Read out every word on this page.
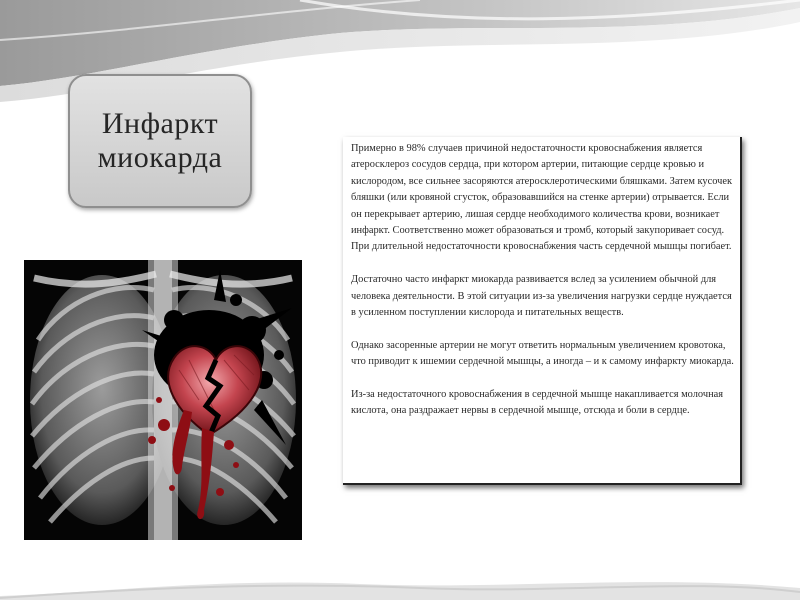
Инфаркт
миокарда	Примерно в 98% случаев причиной недостаточности кровоснабжения является атеросклероз сосудов сердца, при котором артерии, питающие сердце кровью и кислородом, все сильнее засоряются атеросклеротическими бляшками. Затем кусочек бляшки (или кровяной сгусток, образовавшийся на стенке артерии) отрывается. Если он перекрывает артерию, лишая сердце необходимого количества крови, возникает инфаркт. Соответственно может образоваться и тромб, который закупоривает сосуд. При длительной недостаточности кровоснабжения часть сердечной мышцы погибает.

Достаточно часто инфаркт миокарда развивается вслед за усилением обычной для человека деятельности. В этой ситуации из-за увеличения нагрузки сердце нуждается в усиленном поступлении кислорода и питательных веществ.

Однако засоренные артерии не могут ответить нормальным увеличением кровотока, что приводит к ишемии сердечной мышцы, а иногда – и к самому инфаркту миокарда.

Из-за недостаточного кровоснабжения в сердечной мышце накапливается молочная кислота, она раздражает нервы в сердечной мышце, отсюда и боли в сердце.
